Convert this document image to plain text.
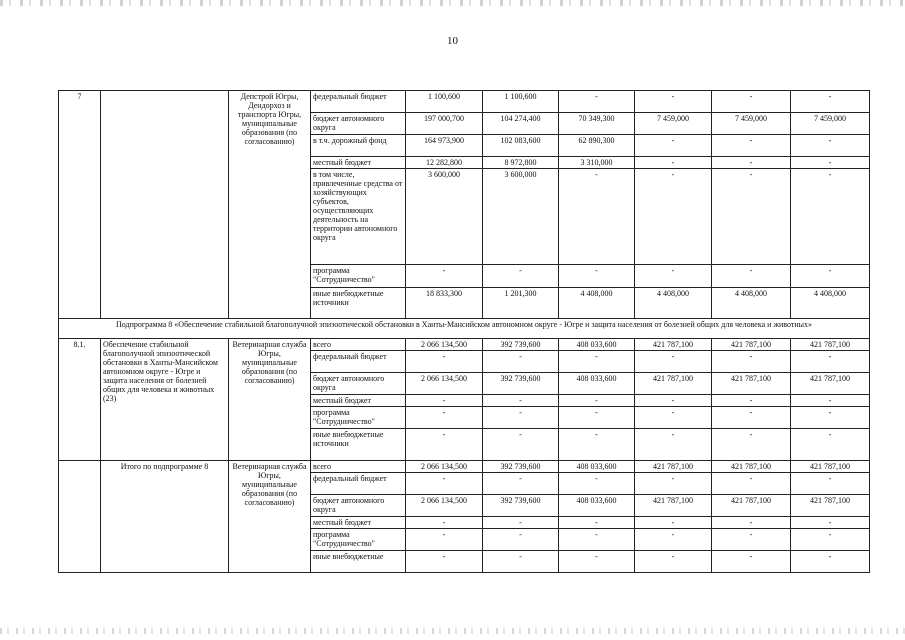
10
7		Депстрой Югры, Дендорхоз и транспорта Югры, муниципальные образования (по согласованию)	федеральный бюджет	1 100,600	1 100,600	-	-	-	-
			бюджет автономного округа	197 000,700	104 274,400	70 349,300	7 459,000	7 459,000	7 459,000
			в т.ч. дорожный фонд	164 973,900	102 083,600	62 890,300	-	-	-
			местный бюджет	12 282,800	8 972,800	3 310,000	-	-	-
			в том числе, привлеченные средства от хозяйствующих субъектов, осуществляющих деятельность на территории автономного округа	3 600,000	3 600,000	-	-	-	-
			программа "Сотрудничество"	-	-	-	-	-	-
			иные внебюджетные источники	18 833,300	1 201,300	4 408,000	4 408,000	4 408,000	4 408,000
Подпрограмма 8 «Обеспечение стабильной благополучной эпизоотической обстановки в Ханты-Мансийском автономном округе - Югре и защита населения от болезней общих для человека и животных»									
8.1.	Обеспечение стабильной благополучной эпизоотической обстановки в Ханты-Мансийском автономном округе - Югре и защита населения от болезней общих для человека и животных (23)	Ветеринарная служба Югры, муниципальные образования (по согласованию)	всего	2 066 134,500	392 739,600	408 033,600	421 787,100	421 787,100	421 787,100
			федеральный бюджет	-	-	-	-	-	-
			бюджет автономного округа	2 066 134,500	392 739,600	408 033,600	421 787,100	421 787,100	421 787,100
			местный бюджет	-	-	-	-	-	-
			программа "Сотрудничество"	-	-	-	-	-	-
			иные внебюджетные источники	-	-	-	-	-	-
	Итого по подпрограмме 8	Ветеринарная служба Югры, муниципальные образования (по согласованию)	всего	2 066 134,500	392 739,600	408 033,600	421 787,100	421 787,100	421 787,100
			федеральный бюджет	-	-	-	-	-	-
			бюджет автономного округа	2 066 134,500	392 739,600	408 033,600	421 787,100	421 787,100	421 787,100
			местный бюджет	-	-	-	-	-	-
			программа "Сотрудничество"	-	-	-	-	-	-
			иные внебюджетные	-	-	-	-	-	-
